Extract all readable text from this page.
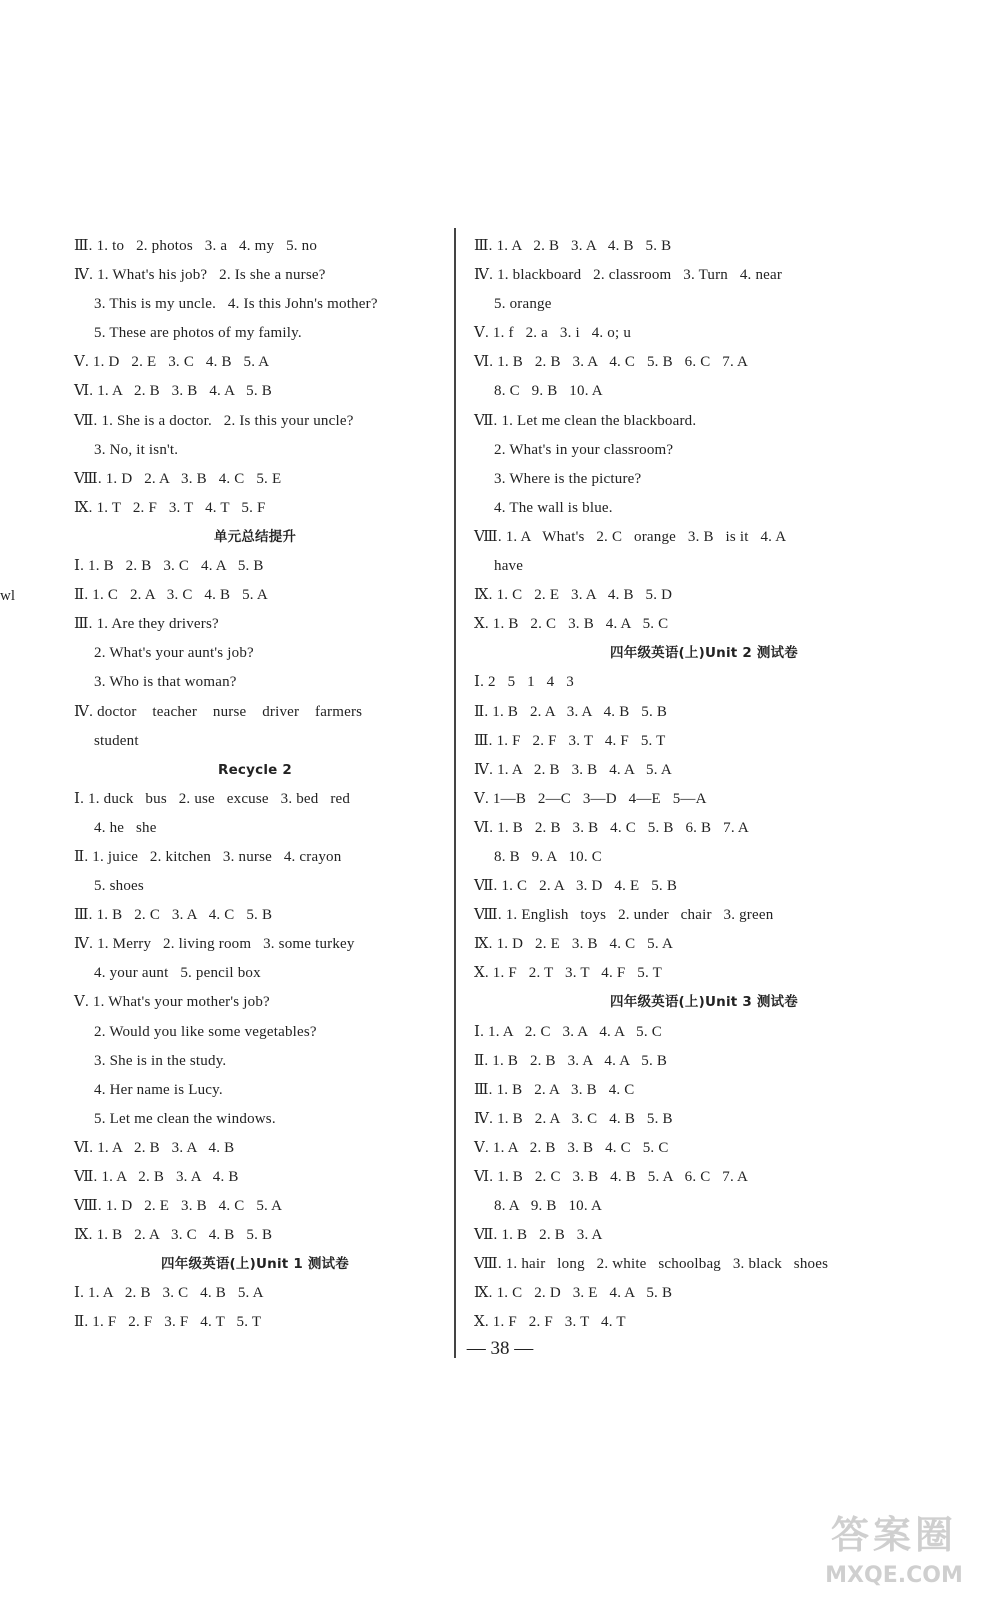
Ⅲ. 1. to   2. photos   3. a   4. my   5. no
Ⅳ. 1. What's his job?   2. Is she a nurse?
3. This is my uncle.   4. Is this John's mother?
5. These are photos of my family.
Ⅴ. 1. D   2. E   3. C   4. B   5. A
Ⅵ. 1. A   2. B   3. B   4. A   5. B
Ⅶ. 1. She is a doctor.   2. Is this your uncle?
3. No, it isn't.
Ⅷ. 1. D   2. A   3. B   4. C   5. E
Ⅸ. 1. T   2. F   3. T   4. T   5. F
单元总结提升
Ⅰ. 1. B   2. B   3. C   4. A   5. B
Ⅱ. 1. C   2. A   3. C   4. B   5. A
Ⅲ. 1. Are they drivers?
2. What's your aunt's job?
3. Who is that woman?
Ⅳ. doctor    teacher    nurse    driver    farmers
student
Recycle 2
Ⅰ. 1. duck   bus   2. use   excuse   3. bed   red
4. he   she
Ⅱ. 1. juice   2. kitchen   3. nurse   4. crayon
5. shoes
Ⅲ. 1. B   2. C   3. A   4. C   5. B
Ⅳ. 1. Merry   2. living room   3. some turkey
4. your aunt   5. pencil box
Ⅴ. 1. What's your mother's job?
2. Would you like some vegetables?
3. She is in the study.
4. Her name is Lucy.
5. Let me clean the windows.
Ⅵ. 1. A   2. B   3. A   4. B
Ⅶ. 1. A   2. B   3. A   4. B
Ⅷ. 1. D   2. E   3. B   4. C   5. A
Ⅸ. 1. B   2. A   3. C   4. B   5. B
四年级英语(上)Unit 1 测试卷
Ⅰ. 1. A   2. B   3. C   4. B   5. A
Ⅱ. 1. F   2. F   3. F   4. T   5. T
Ⅲ. 1. A   2. B   3. A   4. B   5. B
Ⅳ. 1. blackboard   2. classroom   3. Turn   4. near
5. orange
Ⅴ. 1. f   2. a   3. i   4. o; u
Ⅵ. 1. B   2. B   3. A   4. C   5. B   6. C   7. A
8. C   9. B   10. A
Ⅶ. 1. Let me clean the blackboard.
2. What's in your classroom?
3. Where is the picture?
4. The wall is blue.
Ⅷ. 1. A   What's   2. C   orange   3. B   is it   4. A
have
Ⅸ. 1. C   2. E   3. A   4. B   5. D
Ⅹ. 1. B   2. C   3. B   4. A   5. C
四年级英语(上)Unit 2 测试卷
Ⅰ. 2   5   1   4   3
Ⅱ. 1. B   2. A   3. A   4. B   5. B
Ⅲ. 1. F   2. F   3. T   4. F   5. T
Ⅳ. 1. A   2. B   3. B   4. A   5. A
Ⅴ. 1—B   2—C   3—D   4—E   5—A
Ⅵ. 1. B   2. B   3. B   4. C   5. B   6. B   7. A
8. B   9. A   10. C
Ⅶ. 1. C   2. A   3. D   4. E   5. B
Ⅷ. 1. English   toys   2. under   chair   3. green
Ⅸ. 1. D   2. E   3. B   4. C   5. A
Ⅹ. 1. F   2. T   3. T   4. F   5. T
四年级英语(上)Unit 3 测试卷
Ⅰ. 1. A   2. C   3. A   4. A   5. C
Ⅱ. 1. B   2. B   3. A   4. A   5. B
Ⅲ. 1. B   2. A   3. B   4. C
Ⅳ. 1. B   2. A   3. C   4. B   5. B
Ⅴ. 1. A   2. B   3. B   4. C   5. C
Ⅵ. 1. B   2. C   3. B   4. B   5. A   6. C   7. A
8. A   9. B   10. A
Ⅶ. 1. B   2. B   3. A
Ⅷ. 1. hair   long   2. white   schoolbag   3. black   shoes
Ⅸ. 1. C   2. D   3. E   4. A   5. B
Ⅹ. 1. F   2. F   3. T   4. T
wl
— 38 —
答案圈
MXQE.COM
